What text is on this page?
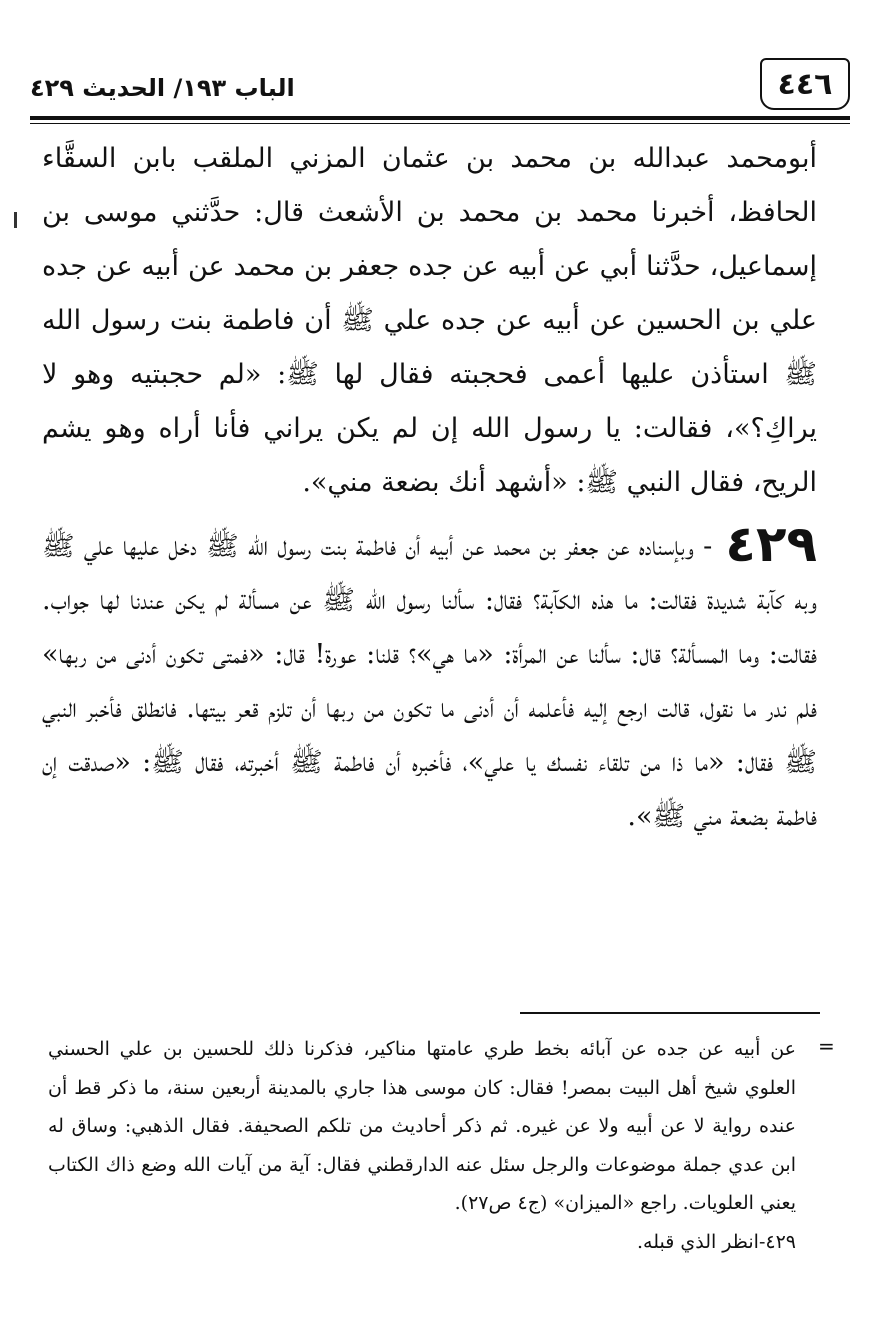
٤٤٦
الباب ١٩٣/ الحديث ٤٢٩

أبومحمد عبدالله بن محمد بن عثمان المزني الملقب بابن السقَّاء الحافظ، أخبرنا محمد بن محمد بن الأشعث قال: حدَّثني موسى بن إسماعيل، حدَّثنا أبي عن أبيه عن جده جعفر بن محمد عن أبيه عن جده علي بن الحسين عن أبيه عن جده علي ﷺ أن فاطمة بنت رسول الله ﷺ استأذن عليها أعمى فحجبته فقال لها ﷺ: «لم حجبتيه وهو لا يراكِ؟»، فقالت: يا رسول الله إن لم يكن يراني فأنا أراه وهو يشم الريح، فقال النبي ﷺ: «أشهد أنك بضعة مني».

٤٢٩ - وبإسناده عن جعفر بن محمد عن أبيه أن فاطمة بنت رسول الله ﷺ دخل عليها علي ﷺ وبه كآبة شديدة فقالت: ما هذه الكآبة؟ فقال: سألنا رسول الله ﷺ عن مسألة لم يكن عندنا لها جواب. فقالت: وما المسألة؟ قال: سألنا عن المرأة: «ما هي»؟ قلنا: عورة! قال: «فمتى تكون أدنى من ربها» فلم ندر ما نقول، قالت ارجع إليه فأعلمه أن أدنى ما تكون من ربها أن تلزم قعر بيتها. فانطلق فأخبر النبي ﷺ فقال: «ما ذا من تلقاء نفسك يا علي»، فأخبره أن فاطمة ﷺ أخبرته، فقال ﷺ: «صدقت إن فاطمة بضعة مني ﷺ».

=

عن أبيه عن جده عن آبائه بخط طري عامتها مناكير، فذكرنا ذلك للحسين بن علي الحسني العلوي شيخ أهل البيت بمصر! فقال: كان موسى هذا جاري بالمدينة أربعين سنة، ما ذكر قط أن عنده رواية لا عن أبيه ولا عن غيره. ثم ذكر أحاديث من تلكم الصحيفة. فقال الذهبي: وساق له ابن عدي جملة موضوعات والرجل سئل عنه الدارقطني فقال: آية من آيات الله وضع ذاك الكتاب يعني العلويات. راجع «الميزان» (ج٤ ص٢٧).

٤٢٩-انظر الذي قبله.
